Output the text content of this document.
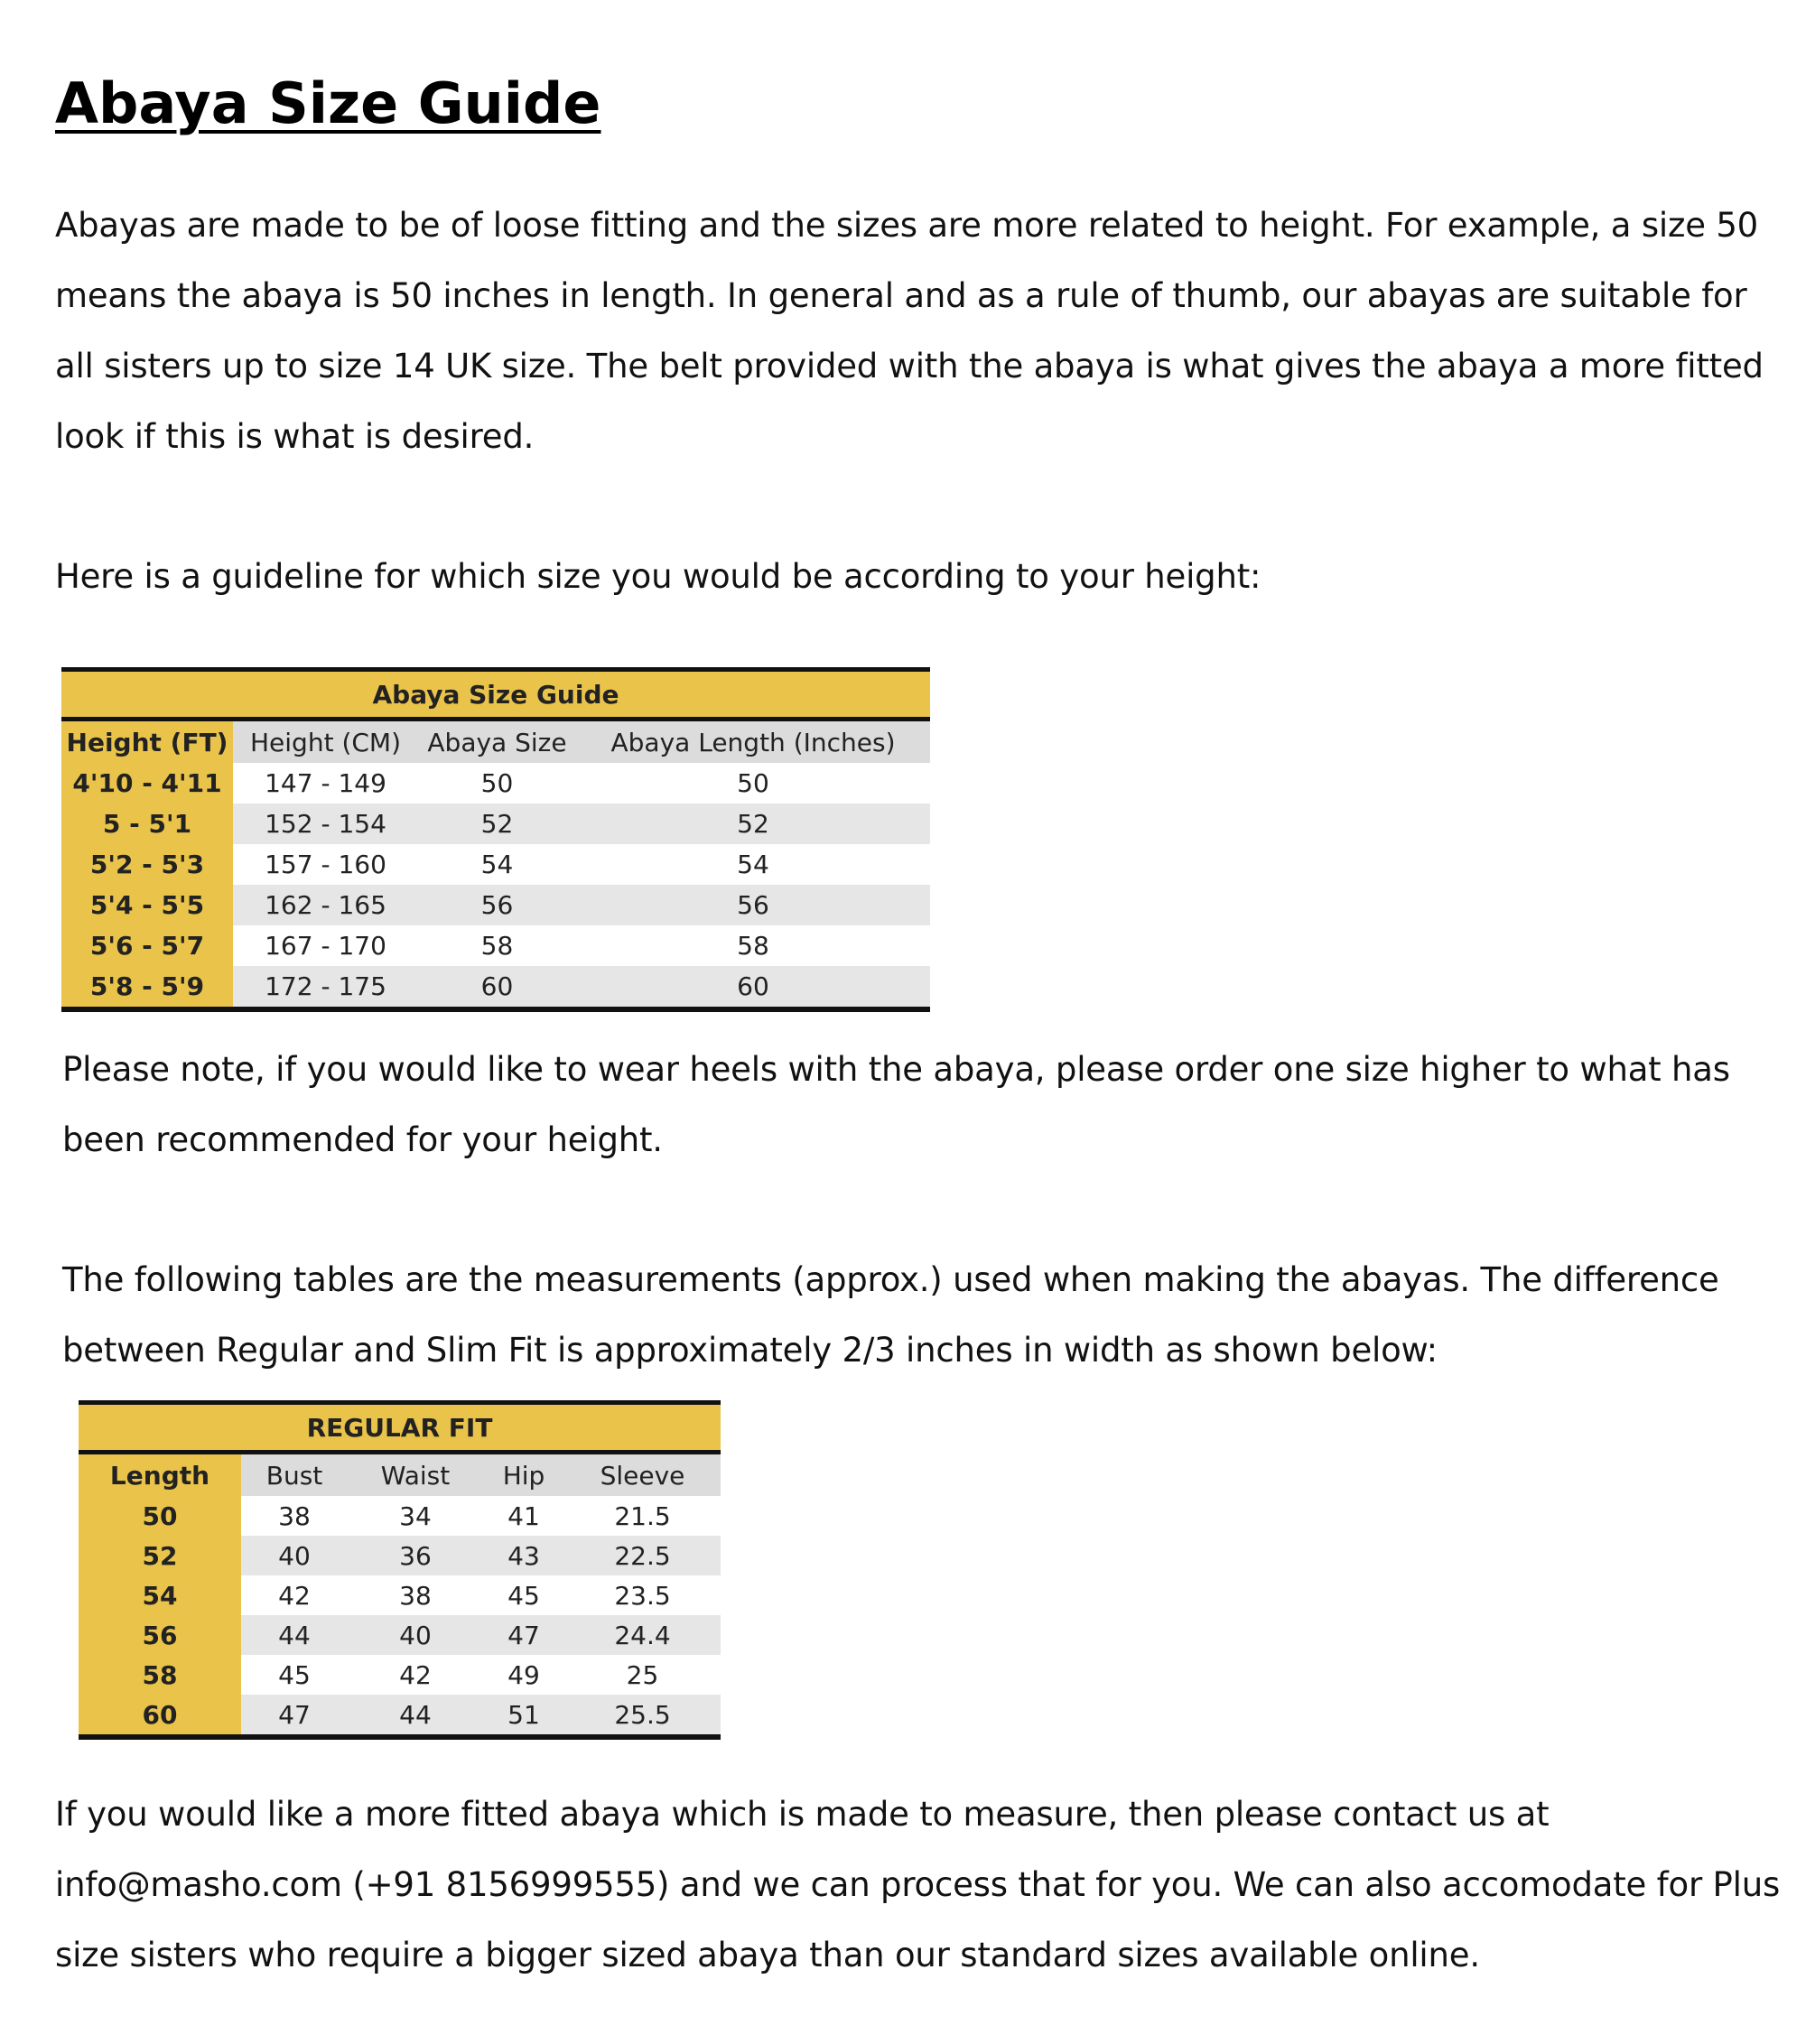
Abaya Size Guide

Abayas are made to be of loose fitting and the sizes are more related to height. For example, a size 50 means the abaya is 50 inches in length. In general and as a rule of thumb, our abayas are suitable for all sisters up to size 14 UK size. The belt provided with the abaya is what gives the abaya a more fitted look if this is what is desired.

Here is a guideline for which size you would be according to your height:

Abaya Size Guide			
Height (FT)	Height (CM)	Abaya Size	Abaya Length (Inches)
4'10 - 4'11	147 - 149	50	50
5 - 5'1	152 - 154	52	52
5'2 - 5'3	157 - 160	54	54
5'4 - 5'5	162 - 165	56	56
5'6 - 5'7	167 - 170	58	58
5'8 - 5'9	172 - 175	60	60

Please note, if you would like to wear heels with the abaya, please order one size higher to what has been recommended for your height.

The following tables are the measurements (approx.) used when making the abayas. The difference between Regular and Slim Fit is approximately 2/3 inches in width as shown below:

REGULAR FIT				
Length	Bust	Waist	Hip	Sleeve
50	38	34	41	21.5
52	40	36	43	22.5
54	42	38	45	23.5
56	44	40	47	24.4
58	45	42	49	25
60	47	44	51	25.5

If you would like a more fitted abaya which is made to measure, then please contact us at info@masho.com (+91 8156999555) and we can process that for you. We can also accomodate for Plus size sisters who require a bigger sized abaya than our standard sizes available online.
